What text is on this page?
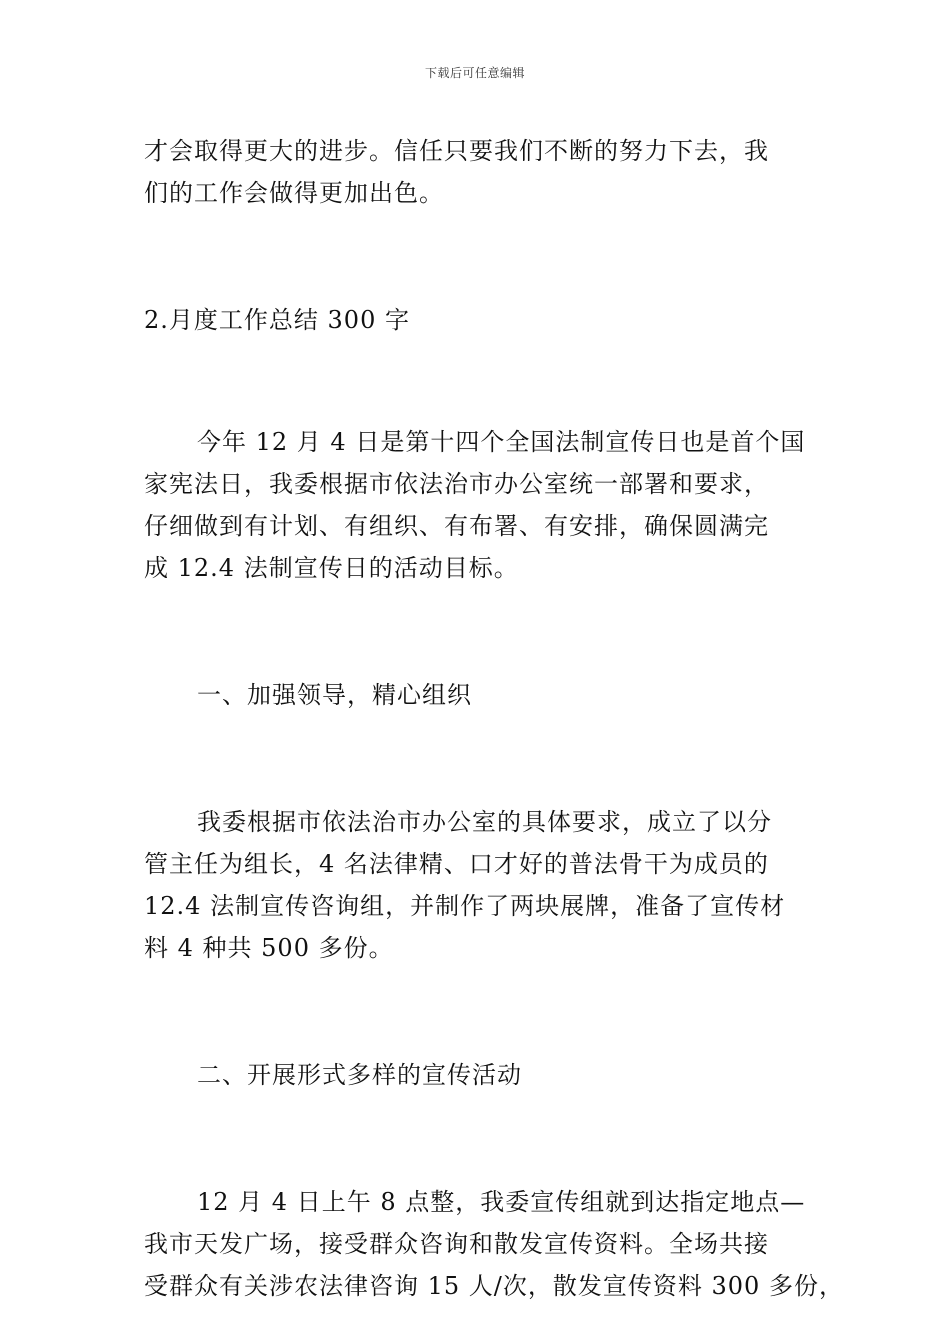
下载后可任意编辑

才会取得更大的进步。信任只要我们不断的努力下去，我
们的工作会做得更加出色。

2.月度工作总结 300 字

今年 12 月 4 日是第十四个全国法制宣传日也是首个国
家宪法日，我委根据市依法治市办公室统一部署和要求，
仔细做到有计划、有组织、有布署、有安排，确保圆满完
成 12.4 法制宣传日的活动目标。

一、加强领导，精心组织

我委根据市依法治市办公室的具体要求，成立了以分
管主任为组长，4 名法律精、口才好的普法骨干为成员的
12.4 法制宣传咨询组，并制作了两块展牌，准备了宣传材
料 4 种共 500 多份。

二、开展形式多样的宣传活动

12 月 4 日上午 8 点整，我委宣传组就到达指定地点—
我市天发广场，接受群众咨询和散发宣传资料。全场共接
受群众有关涉农法律咨询 15 人/次，散发宣传资料 300 多份，
